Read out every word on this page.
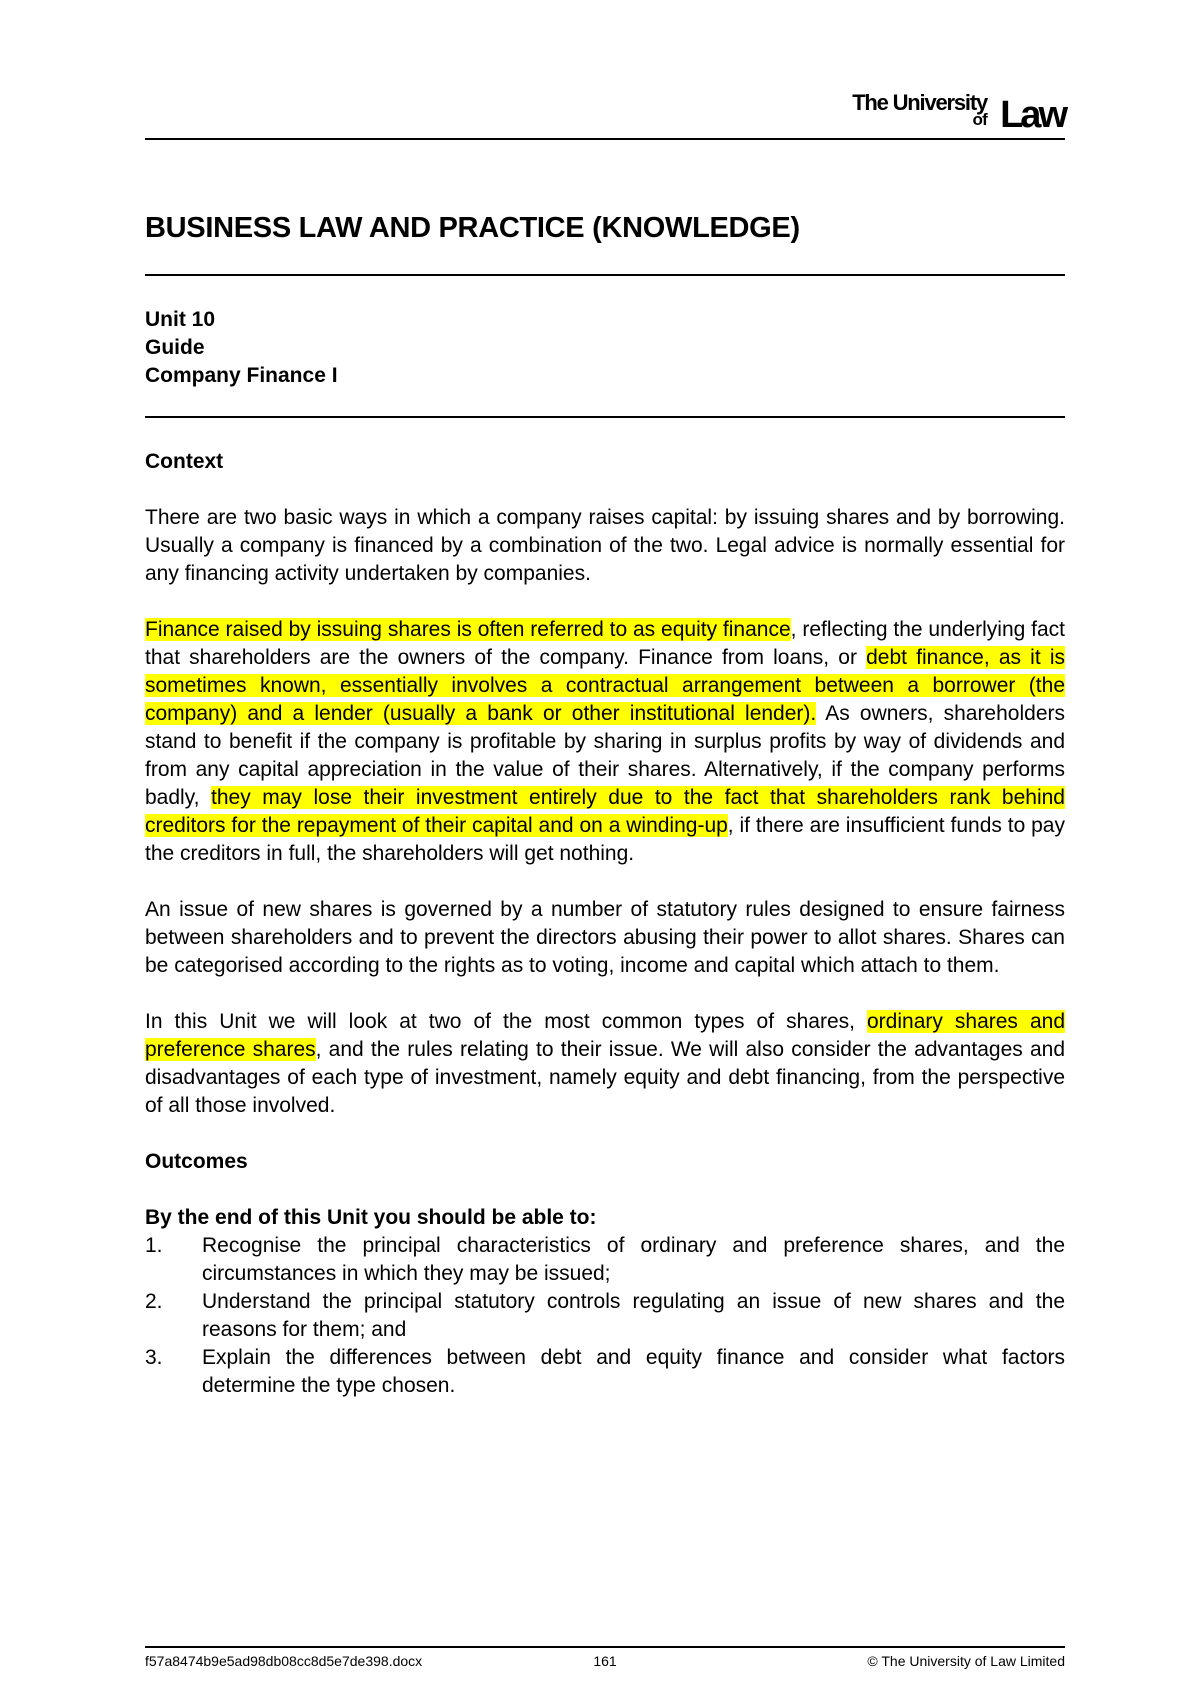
The University
of Law
BUSINESS LAW AND PRACTICE (KNOWLEDGE)
Unit 10
Guide
Company Finance I
Context

There are two basic ways in which a company raises capital: by issuing shares and by borrowing. Usually a company is financed by a combination of the two. Legal advice is normally essential for any financing activity undertaken by companies.

Finance raised by issuing shares is often referred to as equity finance, reflecting the underlying fact that shareholders are the owners of the company. Finance from loans, or debt finance, as it is sometimes known, essentially involves a contractual arrangement between a borrower (the company) and a lender (usually a bank or other institutional lender). As owners, shareholders stand to benefit if the company is profitable by sharing in surplus profits by way of dividends and from any capital appreciation in the value of their shares. Alternatively, if the company performs badly, they may lose their investment entirely due to the fact that shareholders rank behind creditors for the repayment of their capital and on a winding-up, if there are insufficient funds to pay the creditors in full, the shareholders will get nothing.

An issue of new shares is governed by a number of statutory rules designed to ensure fairness between shareholders and to prevent the directors abusing their power to allot shares. Shares can be categorised according to the rights as to voting, income and capital which attach to them.

In this Unit we will look at two of the most common types of shares, ordinary shares and preference shares, and the rules relating to their issue. We will also consider the advantages and disadvantages of each type of investment, namely equity and debt financing, from the perspective of all those involved.

Outcomes
By the end of this Unit you should be able to:
1. Recognise the principal characteristics of ordinary and preference shares, and the circumstances in which they may be issued;
2. Understand the principal statutory controls regulating an issue of new shares and the reasons for them; and
3. Explain the differences between debt and equity finance and consider what factors determine the type chosen.
f57a8474b9e5ad98db08cc8d5e7de398.docx	161	© The University of Law Limited
